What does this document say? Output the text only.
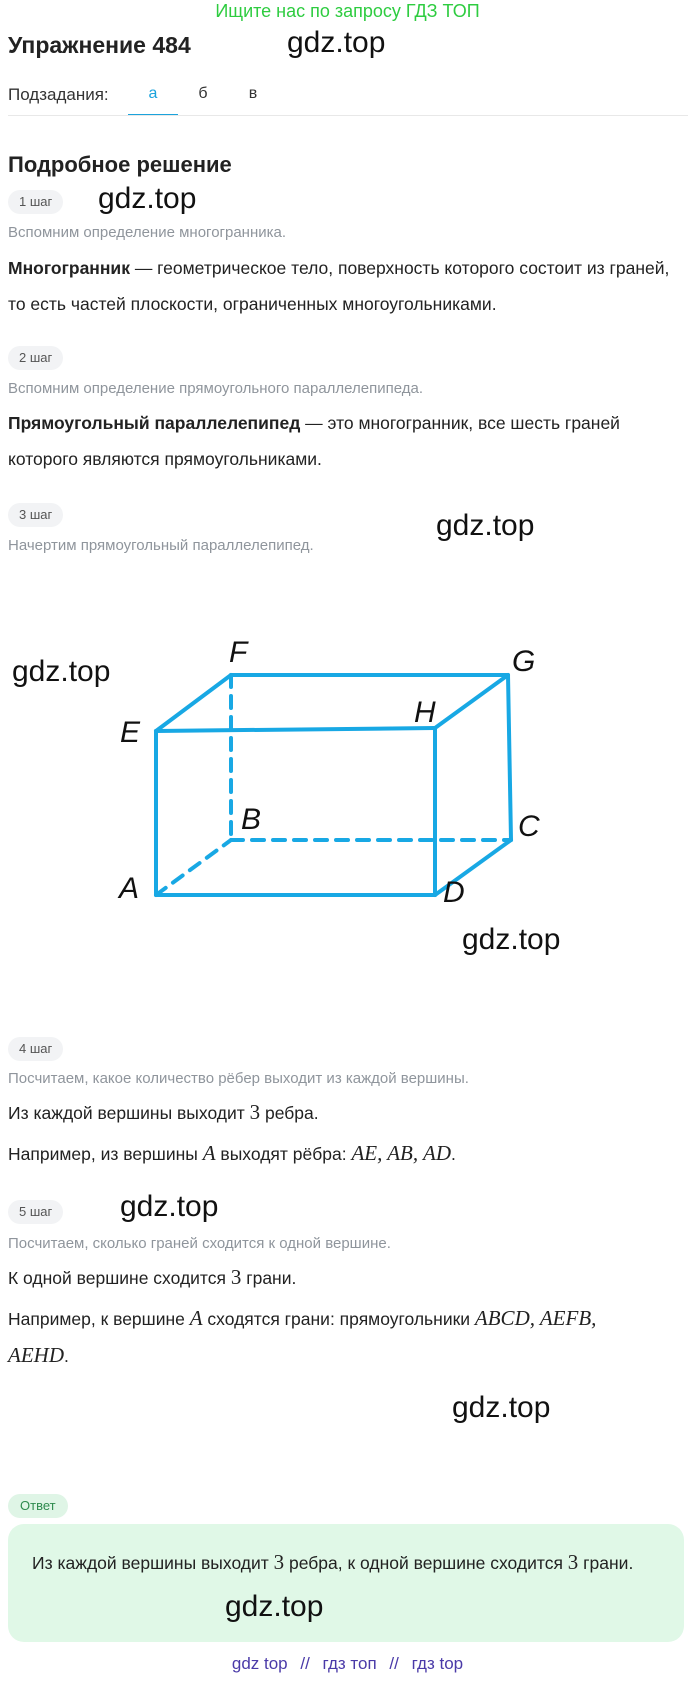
Ищите нас по запросу ГДЗ ТОП
Упражнение 484	gdz.top
Подзадания:	а	б	в
Подробное решение
1 шаг	gdz.top
Вспомним определение многогранника.
Многогранник — геометрическое тело, поверхность которого состоит из граней, то есть частей плоскости, ограниченных многоугольниками.
2 шаг
Вспомним определение прямоугольного параллелепипеда.
Прямоугольный параллелепипед — это многогранник, все шесть граней которого являются прямоугольниками.
3 шаг	gdz.top
Начертим прямоугольный параллелепипед.
gdz.top
F	G
E
H
B	C
A	D
gdz.top
4 шаг
Посчитаем, какое количество рёбер выходит из каждой вершины.
Из каждой вершины выходит 3 ребра.
Например, из вершины A выходят рёбра: AE, AB, AD.
5 шаг	gdz.top
Посчитаем, сколько граней сходится к одной вершине.
К одной вершине сходится 3 грани.
Например, к вершине A сходятся грани: прямоугольники ABCD, AEFB, AEHD.
Ответ
gdz.top
Из каждой вершины выходит 3 ребра, к одной вершине сходится 3 грани.
gdz.top
gdz top // гдз топ // гдз top
